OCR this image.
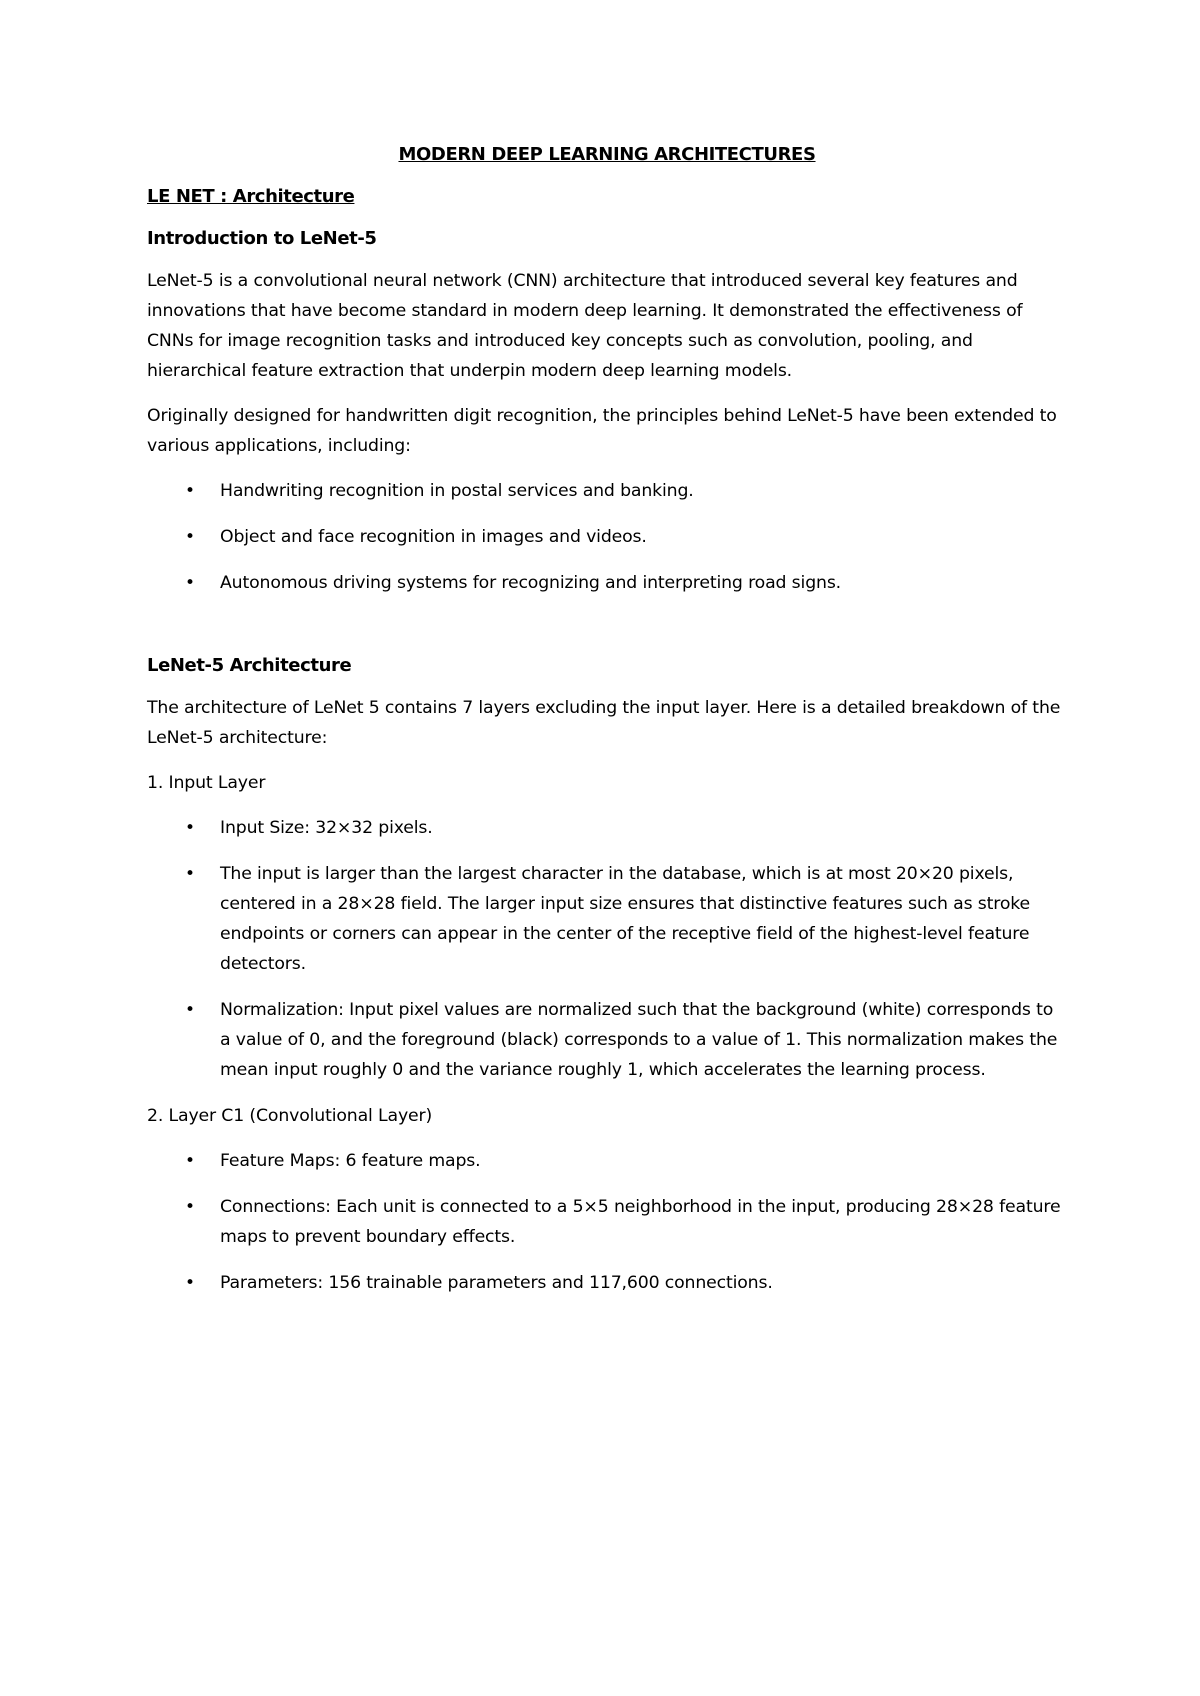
MODERN DEEP LEARNING ARCHITECTURES
LE NET : Architecture
Introduction to LeNet-5
LeNet-5 is a convolutional neural network (CNN) architecture that introduced several key features and innovations that have become standard in modern deep learning. It demonstrated the effectiveness of CNNs for image recognition tasks and introduced key concepts such as convolution, pooling, and hierarchical feature extraction that underpin modern deep learning models.
Originally designed for handwritten digit recognition, the principles behind LeNet-5 have been extended to various applications, including:
• Handwriting recognition in postal services and banking.
• Object and face recognition in images and videos.
• Autonomous driving systems for recognizing and interpreting road signs.
LeNet-5 Architecture
The architecture of LeNet 5 contains 7 layers excluding the input layer. Here is a detailed breakdown of the LeNet-5 architecture:
1. Input Layer
• Input Size: 32×32 pixels.
• The input is larger than the largest character in the database, which is at most 20×20 pixels, centered in a 28×28 field. The larger input size ensures that distinctive features such as stroke endpoints or corners can appear in the center of the receptive field of the highest-level feature detectors.
• Normalization: Input pixel values are normalized such that the background (white) corresponds to a value of 0, and the foreground (black) corresponds to a value of 1. This normalization makes the mean input roughly 0 and the variance roughly 1, which accelerates the learning process.
2. Layer C1 (Convolutional Layer)
• Feature Maps: 6 feature maps.
• Connections: Each unit is connected to a 5×5 neighborhood in the input, producing 28×28 feature maps to prevent boundary effects.
• Parameters: 156 trainable parameters and 117,600 connections.
